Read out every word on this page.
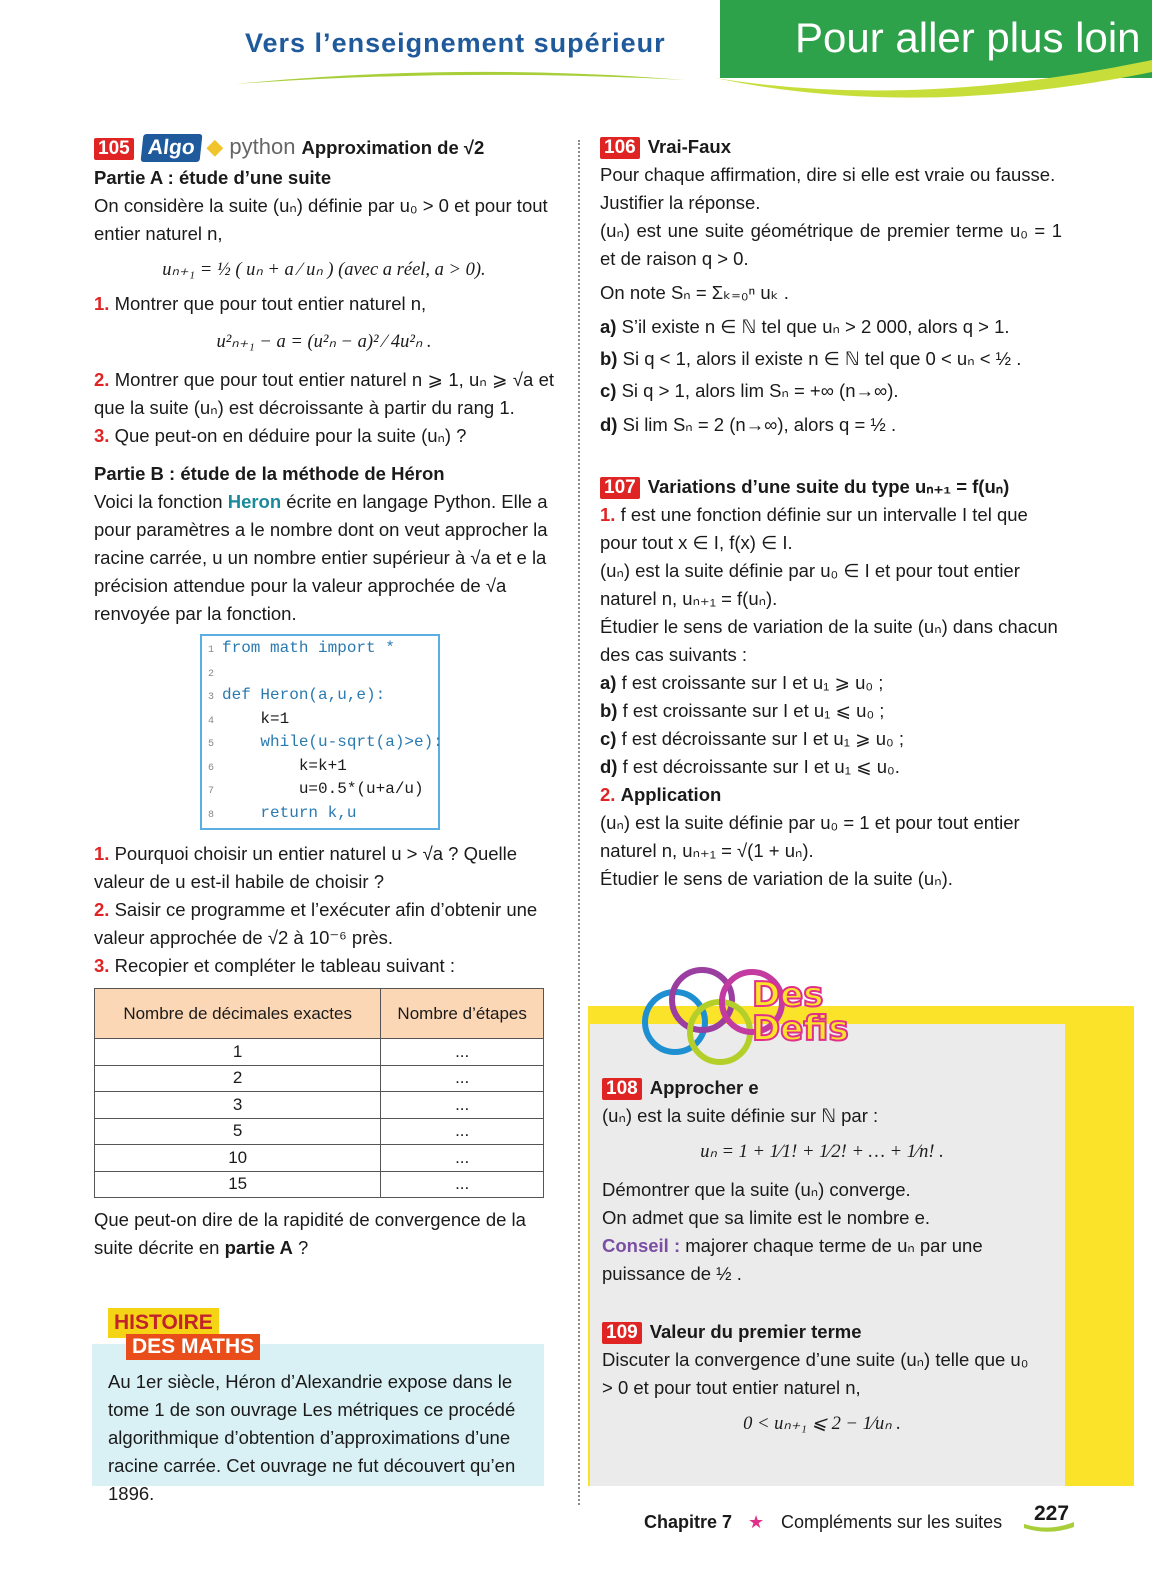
Vers l’enseignement supérieur	Pour aller plus loin
105 Algo ◆ python Approximation de √2
Partie A : étude d’une suite
On considère la suite (uₙ) définie par u₀ > 0 et pour tout entier naturel n,
uₙ₊₁ = ½ ( uₙ + a ⁄ uₙ ) (avec a réel, a > 0).
1. Montrer que pour tout entier naturel n,
u²ₙ₊₁ − a = (u²ₙ − a)² ⁄ 4u²ₙ .
2. Montrer que pour tout entier naturel n ⩾ 1, uₙ ⩾ √a et que la suite (uₙ) est décroissante à partir du rang 1.
3. Que peut-on en déduire pour la suite (uₙ) ?
Partie B : étude de la méthode de Héron
Voici la fonction Heron écrite en langage Python. Elle a pour paramètres a le nombre dont on veut approcher la racine carrée, u un nombre entier supérieur à √a et e la précision attendue pour la valeur approchée de √a renvoyée par la fonction.
1 from math import *
2
3 def Heron(a,u,e):
4    k=1
5    while(u-sqrt(a)>e):
6        k=k+1
7        u=0.5*(u+a/u)
8    return k,u
1. Pourquoi choisir un entier naturel u > √a ? Quelle valeur de u est-il habile de choisir ?
2. Saisir ce programme et l’exécuter afin d’obtenir une valeur approchée de √2 à 10⁻⁶ près.
3. Recopier et compléter le tableau suivant :
Nombre de décimales exactes	Nombre d’étapes
1	...
2	...
3	...
5	...
10	...
15	...
Que peut-on dire de la rapidité de convergence de la suite décrite en partie A ?
HISTOIRE
DES MATHS
Au 1er siècle, Héron d’Alexandrie expose dans le tome 1 de son ouvrage Les métriques ce procédé algorithmique d’obtention d’approximations d’une racine carrée. Cet ouvrage ne fut découvert qu’en 1896.
106 Vrai-Faux
Pour chaque affirmation, dire si elle est vraie ou fausse. Justifier la réponse.
(uₙ) est une suite géométrique de premier terme u₀ = 1 et de raison q > 0.
On note Sₙ = Σₖ₌₀ⁿ uₖ .
a) S’il existe n ∈ ℕ tel que uₙ > 2 000, alors q > 1.
b) Si q < 1, alors il existe n ∈ ℕ tel que 0 < uₙ < ½ .
c) Si q > 1, alors lim Sₙ = +∞ (n→∞).
d) Si lim Sₙ = 2 (n→∞), alors q = ½ .
107 Variations d’une suite du type uₙ₊₁ = f(uₙ)
1. f est une fonction définie sur un intervalle I tel que pour tout x ∈ I, f(x) ∈ I.
(uₙ) est la suite définie par u₀ ∈ I et pour tout entier naturel n, uₙ₊₁ = f(uₙ).
Étudier le sens de variation de la suite (uₙ) dans chacun des cas suivants :
a) f est croissante sur I et u₁ ⩾ u₀ ;
b) f est croissante sur I et u₁ ⩽ u₀ ;
c) f est décroissante sur I et u₁ ⩾ u₀ ;
d) f est décroissante sur I et u₁ ⩽ u₀.
2. Application
(uₙ) est la suite définie par u₀ = 1 et pour tout entier naturel n, uₙ₊₁ = √(1 + uₙ).
Étudier le sens de variation de la suite (uₙ).
Des
Defis
108 Approcher e
(uₙ) est la suite définie sur ℕ par :
uₙ = 1 + 1⁄1! + 1⁄2! + … + 1⁄n! .
Démontrer que la suite (uₙ) converge.
On admet que sa limite est le nombre e.
Conseil : majorer chaque terme de uₙ par une puissance de ½ .
109 Valeur du premier terme
Discuter la convergence d’une suite (uₙ) telle que u₀ > 0 et pour tout entier naturel n,
0 < uₙ₊₁ ⩽ 2 − 1⁄uₙ .
Chapitre 7 ★ Compléments sur les suites 227
